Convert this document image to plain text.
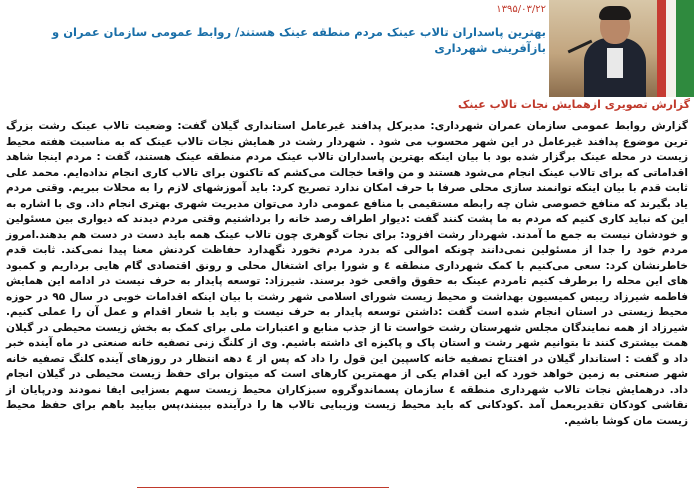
۱۳۹۵/۰۳/۲۲
بهترین پاسداران تالاب عینک مردم منطقه عینک هستند/ روابط عمومی سازمان عمران و بازآفرینی شهرداری
گزارش تصویری ازهمایش نجات تالاب عینک
گزارش روابط عمومی سازمان عمران شهرداری: مدیرکل پدافند غیرعامل استانداری گیلان گفت: وضعیت تالاب عینک رشت بزرگ ترین موضوع پدافند غیرعامل در این شهر محسوب می شود . شهردار رشت در همایش نجات تالاب عینک که به مناسبت هفته محیط زیست در محله عینک برگزار شده بود با بیان اینکه بهترین پاسداران تالاب عینک مردم منطقه عینک هستند، گفت : مردم اینجا شاهد اقداماتی که برای تالاب عینک انجام می‌شود هستند و من واقعا خجالت می‌کشم که تاکنون برای تالاب کاری انجام نداده‌ایم. محمد علی ثابت قدم با بیان اینکه توانمند سازی محلی صرفا با حرف امکان ندارد تصریح کرد: باید آموزشهای لازم را به محلات ببریم. وقتی مردم یاد بگیرند که منافع خصوصی شان چه رابطه مستقیمی با منافع عمومی دارد می‌توان مدیریت شهری بهتری انجام داد. وی با اشاره به این که نباید کاری کنیم که مردم به ما پشت کنند گفت :دیوار اطراف رصد خانه را برداشتیم وقتی مردم دیدند که دیواری بین مسئولین و خودشان نیست به جمع ما آمدند. شهردار رشت افزود: برای نجات گوهری چون تالاب عینک همه باید دست در دست هم بدهند.امروز مردم خود را جدا از مسئولین نمی‌دانند چونکه اموالی که بدرد مردم نخورد نگهدارد حفاظت کردنش معنا پیدا نمی‌کند. ثابت قدم خاطرنشان کرد: سعی می‌کنیم با کمک شهرداری منطقه ٤ و شورا برای اشتغال محلی و رونق اقتصادی گام هایی برداریم و کمبود های این محله را برطرف کنیم تامردم عینک به حقوق واقعی خود برسند. شیرزاد: توسعه پایدار به حرف نیست در ادامه این همایش فاطمه شیرزاد رییس کمیسیون بهداشت و محیط زیست شورای اسلامی شهر رشت با بیان اینکه اقدامات خوبی در سال ۹۵ در حوزه محیط زیستی در استان انجام شده است گفت :داشتن توسعه پایدار به حرف نیست و باید با شعار اقدام و عمل آن را عملی کنیم. شیرزاد از همه نمایندگان مجلس شهرستان رشت خواست تا از جذب منابع و اعتبارات ملی برای کمک به بخش زیست محیطی در گیلان همت بیشتری کنند تا بتوانیم شهر رشت و استان پاک و پاکیزه ای داشته باشیم. وی از کلنگ زنی تصفیه خانه صنعتی در ماه آینده خبر داد و گفت : استاندار گیلان در افتتاح تصفیه خانه کاسپین این قول را داد که پس از ٤ دهه انتظار در روزهای آینده کلنگ تصفیه خانه شهر صنعتی به زمین خواهد خورد که این اقدام یکی از مهمترین کارهای است که میتوان برای حفظ زیست محیطی در گیلان انجام داد. درهمایش نجات تالاب شهرداری منطقه ٤ سازمان پسماندوگروه سبزکاران محیط زیست سهم بسزایی ایفا نمودند ودرپایان از نقاشی کودکان تقدیربعمل آمد .کودکانی که باید محیط زیست وزیبایی تالاب ها را درآینده ببینند،پس بیایید باهم برای حفظ محیط زیست مان کوشا باشیم.
